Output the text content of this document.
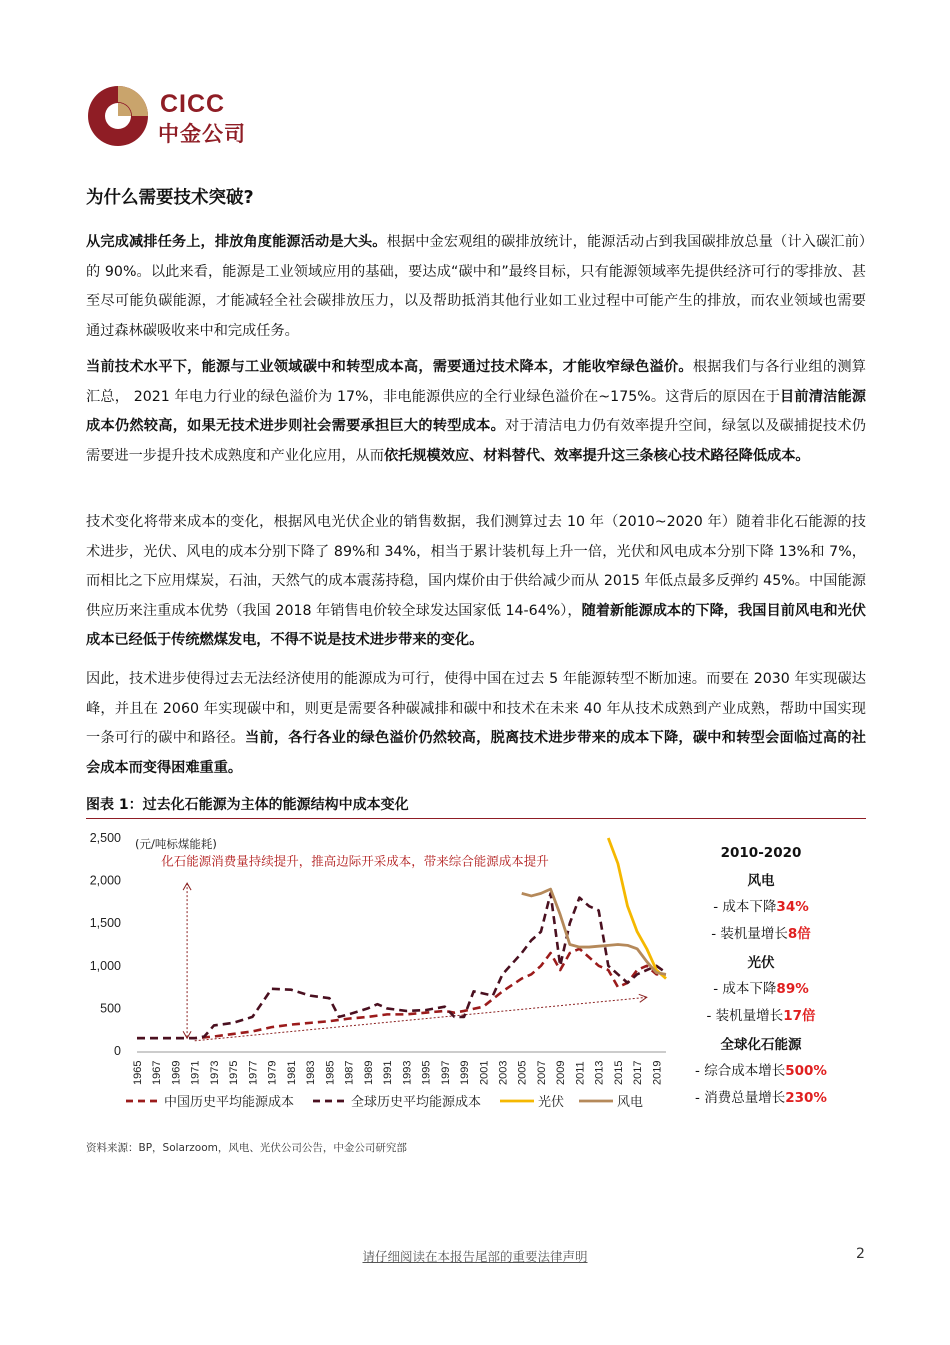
CICC
中金公司
为什么需要技术突破?
从完成减排任务上，排放角度能源活动是大头。根据中金宏观组的碳排放统计，能源活动占到我国碳排放总量（计入碳汇前）的 90%。以此来看，能源是工业领域应用的基础，要达成“碳中和”最终目标，只有能源领域率先提供经济可行的零排放、甚至尽可能负碳能源，才能减轻全社会碳排放压力，以及帮助抵消其他行业如工业过程中可能产生的排放，而农业领域也需要通过森林碳吸收来中和完成任务。
当前技术水平下，能源与工业领域碳中和转型成本高，需要通过技术降本，才能收窄绿色溢价。根据我们与各行业组的测算汇总， 2021 年电力行业的绿色溢价为 17%，非电能源供应的全行业绿色溢价在~175%。这背后的原因在于目前清洁能源成本仍然较高，如果无技术进步则社会需要承担巨大的转型成本。对于清洁电力仍有效率提升空间，绿氢以及碳捕捉技术仍需要进一步提升技术成熟度和产业化应用，从而依托规模效应、材料替代、效率提升这三条核心技术路径降低成本。
技术变化将带来成本的变化，根据风电光伏企业的销售数据，我们测算过去 10 年（2010~2020 年）随着非化石能源的技术进步，光伏、风电的成本分别下降了 89%和 34%，相当于累计装机每上升一倍，光伏和风电成本分别下降 13%和 7%，而相比之下应用煤炭，石油，天然气的成本震荡持稳，国内煤价由于供给减少而从 2015 年低点最多反弹约 45%。中国能源供应历来注重成本优势（我国 2018 年销售电价较全球发达国家低 14-64%），随着新能源成本的下降，我国目前风电和光伏成本已经低于传统燃煤发电，不得不说是技术进步带来的变化。
因此，技术进步使得过去无法经济使用的能源成为可行，使得中国在过去 5 年能源转型不断加速。而要在 2030 年实现碳达峰，并且在 2060 年实现碳中和，则更是需要各种碳减排和碳中和技术在未来 40 年从技术成熟到产业成熟，帮助中国实现一条可行的碳中和路径。当前，各行各业的绿色溢价仍然较高，脱离技术进步带来的成本下降，碳中和转型会面临过高的社会成本而变得困难重重。
图表 1：过去化石能源为主体的能源结构中成本变化
0
500
1,000
1,500
2,000
2,500 (元/吨标煤能耗)
1965 1967 1969 1971 1973 1975 1977 1979 1981 1983 1985 1987 1989 1991 1993 1995 1997 1999 2001 2003 2005 2007 2009 2011 2013 2015 2017 2019
化石能源消费量持续提升，推高边际开采成本，带来综合能源成本提升
中国历史平均能源成本	全球历史平均能源成本	光伏	风电
2010-2020
风电
- 成本下降34%
- 装机量增长8倍
光伏
- 成本下降89%
- 装机量增长17倍
全球化石能源
- 综合成本增长500%
- 消费总量增长230%
资料来源：BP，Solarzoom，风电、光伏公司公告，中金公司研究部
请仔细阅读在本报告尾部的重要法律声明	2
